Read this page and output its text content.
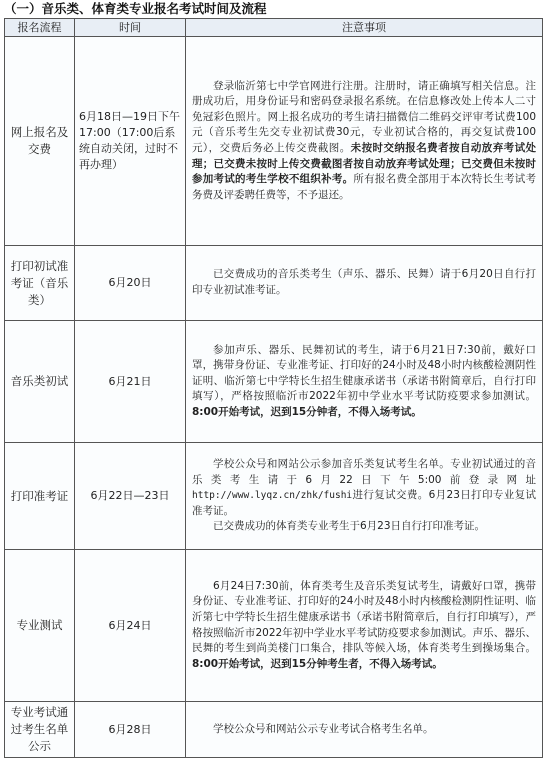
（一）音乐类、体育类专业报名考试时间及流程
报名流程	时间	注意事项
网上报名及交费	6月18日—19日下午17:00（17:00后系统自动关闭，过时不再办理）	登录临沂第七中学官网进行注册。注册时，请正确填写相关信息。注册成功后，用身份证号和密码登录报名系统。在信息修改处上传本人二寸免冠彩色照片。网上报名成功的考生请扫描微信二维码交评审考试费100元（音乐考生先交专业初试费30元，专业初试合格的，再交复试费100元），交费后务必上传交费截图。未按时交纳报名费者按自动放弃考试处理；已交费未按时上传交费截图者按自动放弃考试处理；已交费但未按时参加考试的考生学校不组织补考。所有报名费全部用于本次特长生考试考务费及评委聘任费等，不予退还。

打印初试准考证（音乐类）	6月20日	已交费成功的音乐类考生（声乐、器乐、民舞）请于6月20日自行打印专业初试准考证。

音乐类初试	6月21日	参加声乐、器乐、民舞初试的考生，请于6月21日7:30前，戴好口罩，携带身份证、专业准考证、打印好的24小时及48小时内核酸检测阴性证明、临沂第七中学特长生招生健康承诺书（承诺书附简章后，自行打印填写），严格按照临沂市2022年初中学业水平考试防疫要求参加测试。8:00开始考试，迟到15分钟者，不得入场考试。

打印准考证	6月22日—23日	学校公众号和网站公示参加音乐类复试考生名单。专业初试通过的音乐类考生请于6月22日下午5:00前登录网址http://www.lyqz.cn/zhk/fushi进行复试交费。6月23日打印专业复试准考证。
已交费成功的体育类专业考生于6月23日自行打印准考证。

专业测试	6月24日	6月24日7:30前，体育类考生及音乐类复试考生，请戴好口罩，携带身份证、专业准考证、打印好的24小时及48小时内核酸检测阴性证明、临沂第七中学特长生招生健康承诺书（承诺书附简章后，自行打印填写），严格按照临沂市2022年初中学业水平考试防疫要求参加测试。声乐、器乐、民舞的考生到尚美楼门口集合，排队等候入场，体育类考生到操场集合。8:00开始考试，迟到15分钟考生者，不得入场考试。

专业考试通过考生名单公示	6月28日	学校公众号和网站公示专业考试合格考生名单。
